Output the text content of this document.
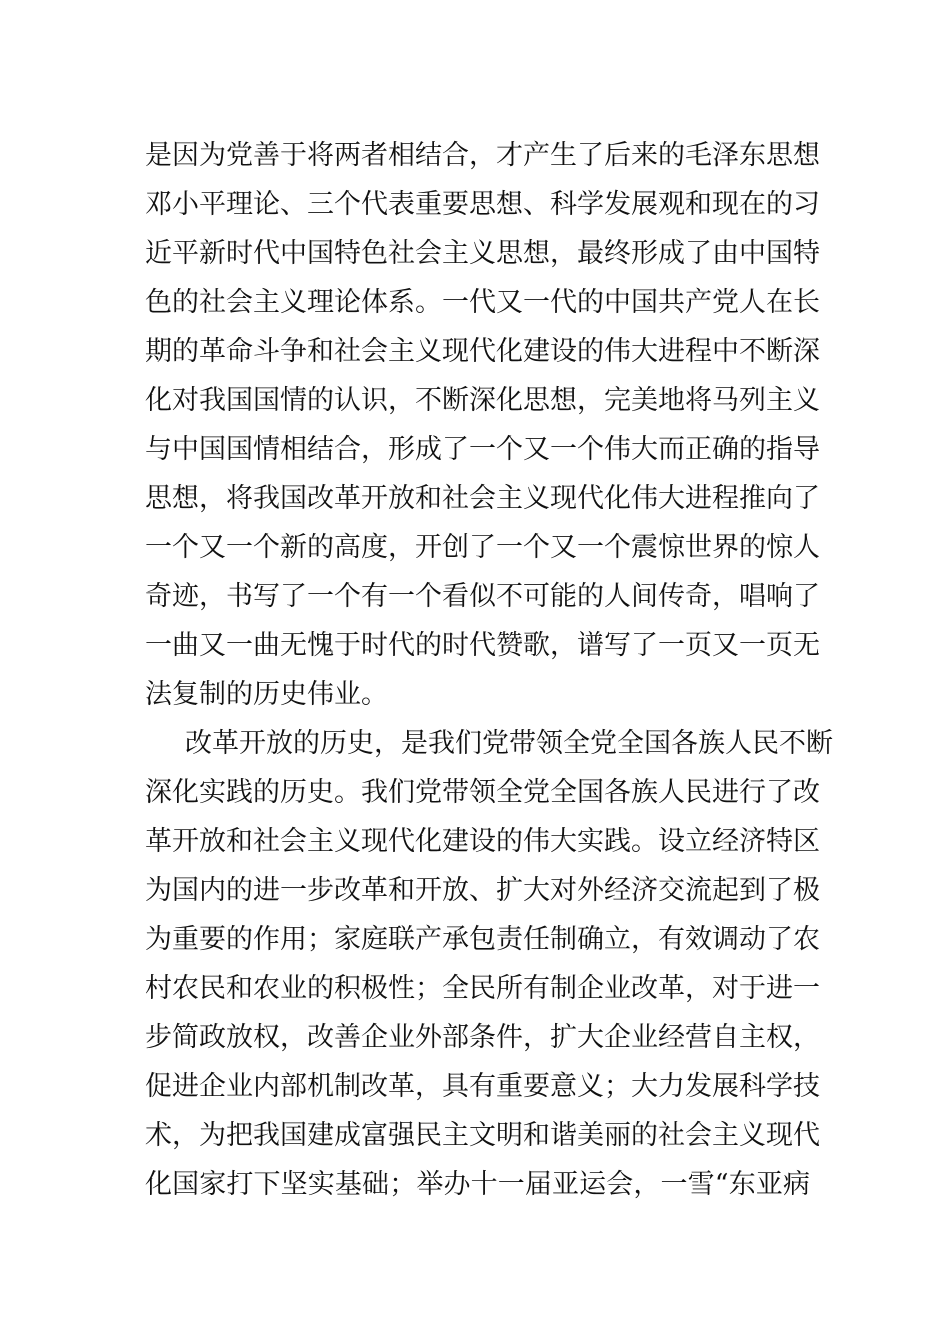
是因为党善于将两者相结合，才产生了后来的毛泽东思想
邓小平理论、三个代表重要思想、科学发展观和现在的习
近平新时代中国特色社会主义思想，最终形成了由中国特
色的社会主义理论体系。一代又一代的中国共产党人在长
期的革命斗争和社会主义现代化建设的伟大进程中不断深
化对我国国情的认识，不断深化思想，完美地将马列主义
与中国国情相结合，形成了一个又一个伟大而正确的指导
思想，将我国改革开放和社会主义现代化伟大进程推向了
一个又一个新的高度，开创了一个又一个震惊世界的惊人
奇迹，书写了一个有一个看似不可能的人间传奇，唱响了
一曲又一曲无愧于时代的时代赞歌，谱写了一页又一页无
法复制的历史伟业。
改革开放的历史，是我们党带领全党全国各族人民不断
深化实践的历史。我们党带领全党全国各族人民进行了改
革开放和社会主义现代化建设的伟大实践。设立经济特区
为国内的进一步改革和开放、扩大对外经济交流起到了极
为重要的作用；家庭联产承包责任制确立，有效调动了农
村农民和农业的积极性；全民所有制企业改革，对于进一
步简政放权，改善企业外部条件，扩大企业经营自主权，
促进企业内部机制改革，具有重要意义；大力发展科学技
术，为把我国建成富强民主文明和谐美丽的社会主义现代
化国家打下坚实基础；举办十一届亚运会，一雪“东亚病
